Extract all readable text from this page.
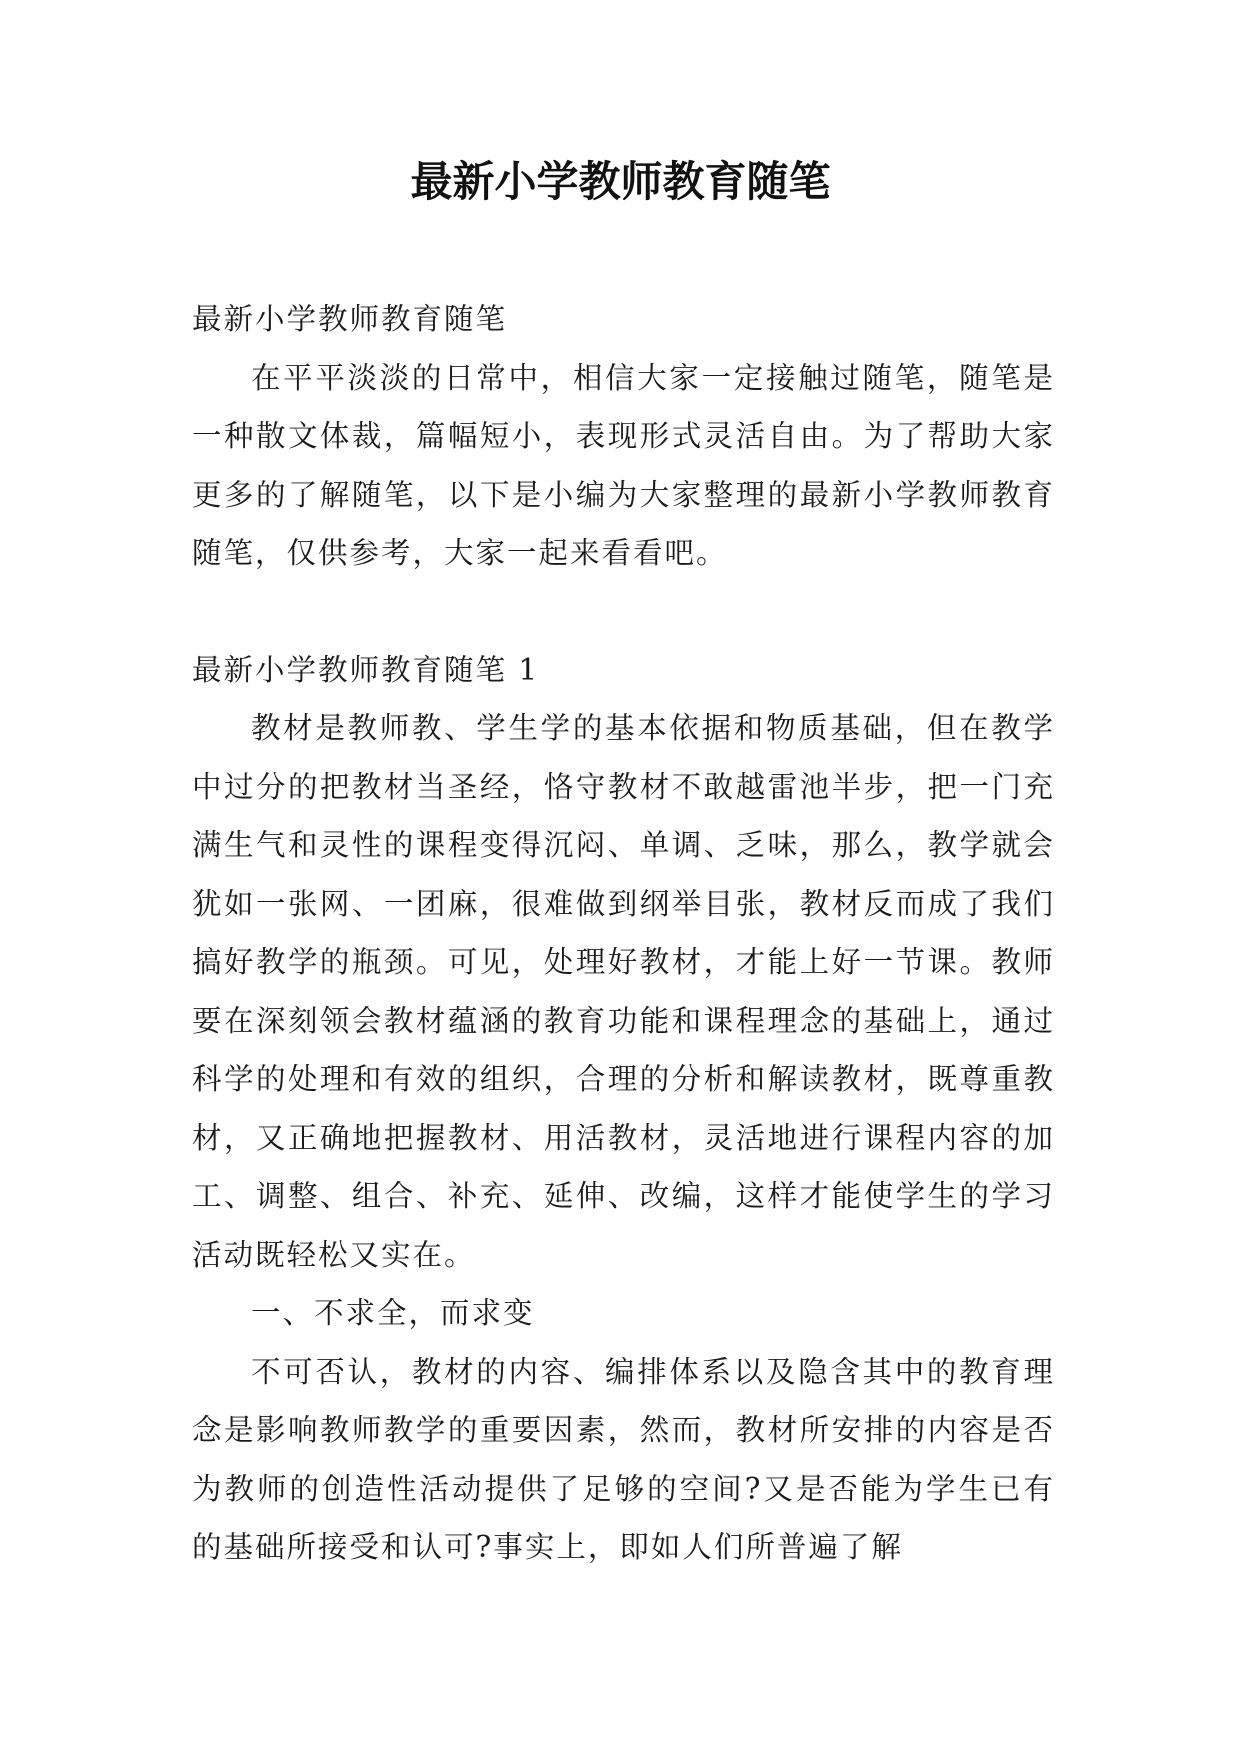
最新小学教师教育随笔

最新小学教师教育随笔

在平平淡淡的日常中，相信大家一定接触过随笔，随笔是一种散文体裁，篇幅短小，表现形式灵活自由。为了帮助大家更多的了解随笔，以下是小编为大家整理的最新小学教师教育随笔，仅供参考，大家一起来看看吧。

最新小学教师教育随笔 1

教材是教师教、学生学的基本依据和物质基础，但在教学中过分的把教材当圣经，恪守教材不敢越雷池半步，把一门充满生气和灵性的课程变得沉闷、单调、乏味，那么，教学就会犹如一张网、一团麻，很难做到纲举目张，教材反而成了我们搞好教学的瓶颈。可见，处理好教材，才能上好一节课。教师要在深刻领会教材蕴涵的教育功能和课程理念的基础上，通过科学的处理和有效的组织，合理的分析和解读教材，既尊重教材，又正确地把握教材、用活教材，灵活地进行课程内容的加工、调整、组合、补充、延伸、改编，这样才能使学生的学习活动既轻松又实在。

一、不求全，而求变

不可否认，教材的内容、编排体系以及隐含其中的教育理念是影响教师教学的重要因素，然而，教材所安排的内容是否为教师的创造性活动提供了足够的空间?又是否能为学生已有的基础所接受和认可?事实上，即如人们所普遍了解
